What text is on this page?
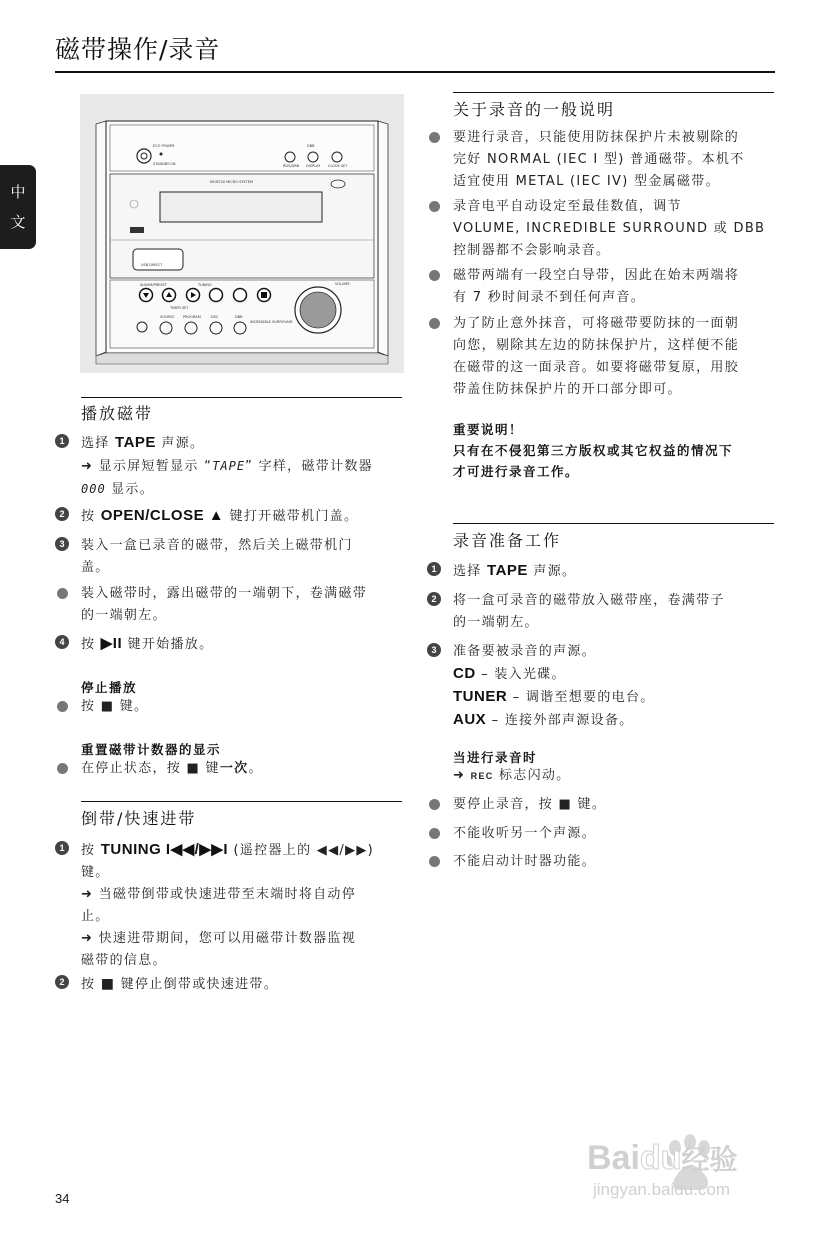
磁带操作/录音
中
文
ECO POWER
STANDBY-ON
DBB
RDS/DBB DISPLAY CLOCK SET
MCM720 MICRO SYSTEM
USB DIRECT
ALBUM/PRESET	TUNING
TIMER SET
SOURCE PROGRAM	DSC	DBB
INCREDIBLE SURROUND
VOLUME
播放磁带
1	选择 TAPE 声源。
➜ 显示屏短暂显示 “TAPE” 字样，磁带计数器
000 显示。
2	按 OPEN/CLOSE ▲ 键打开磁带机门盖。
3	装入一盒已录音的磁带，然后关上磁带机门
盖。
装入磁带时，露出磁带的一端朝下，卷满磁带
的一端朝左。
4	按 ▶II 键开始播放。
停止播放
按 ■ 键。
重置磁带计数器的显示
在停止状态，按 ■ 键一次。
倒带/快速进带
1	按 TUNING I◀◀/▶▶I (遥控器上的 ◀◀/▶▶)
键。
➜ 当磁带倒带或快速进带至末端时将自动停
止。
➜ 快速进带期间，您可以用磁带计数器监视
磁带的信息。
2	按 ■ 键停止倒带或快速进带。
关于录音的一般说明
要进行录音，只能使用防抹保护片未被剔除的
完好 NORMAL (IEC I 型) 普通磁带。本机不
适宜使用 METAL (IEC IV) 型金属磁带。
录音电平自动设定至最佳数值，调节
VOLUME, INCREDIBLE SURROUND 或 DBB
控制器都不会影响录音。
磁带两端有一段空白导带，因此在始末两端将
有 7 秒时间录不到任何声音。
为了防止意外抹音，可将磁带要防抹的一面朝
向您，剔除其左边的防抹保护片，这样便不能
在磁带的这一面录音。如要将磁带复原，用胶
带盖住防抹保护片的开口部分即可。
重要说明！
只有在不侵犯第三方版权或其它权益的情况下
才可进行录音工作。
录音准备工作
1	选择 TAPE 声源。
2	将一盒可录音的磁带放入磁带座，卷满带子
的一端朝左。
3	准备要被录音的声源。
CD – 装入光碟。
TUNER – 调谐至想要的电台。
AUX – 连接外部声源设备。
当进行录音时
➜ REC 标志闪动。
要停止录音，按 ■ 键。
不能收听另一个声源。
不能启动计时器功能。
Baidu经验
jingyan.baidu.com
34
